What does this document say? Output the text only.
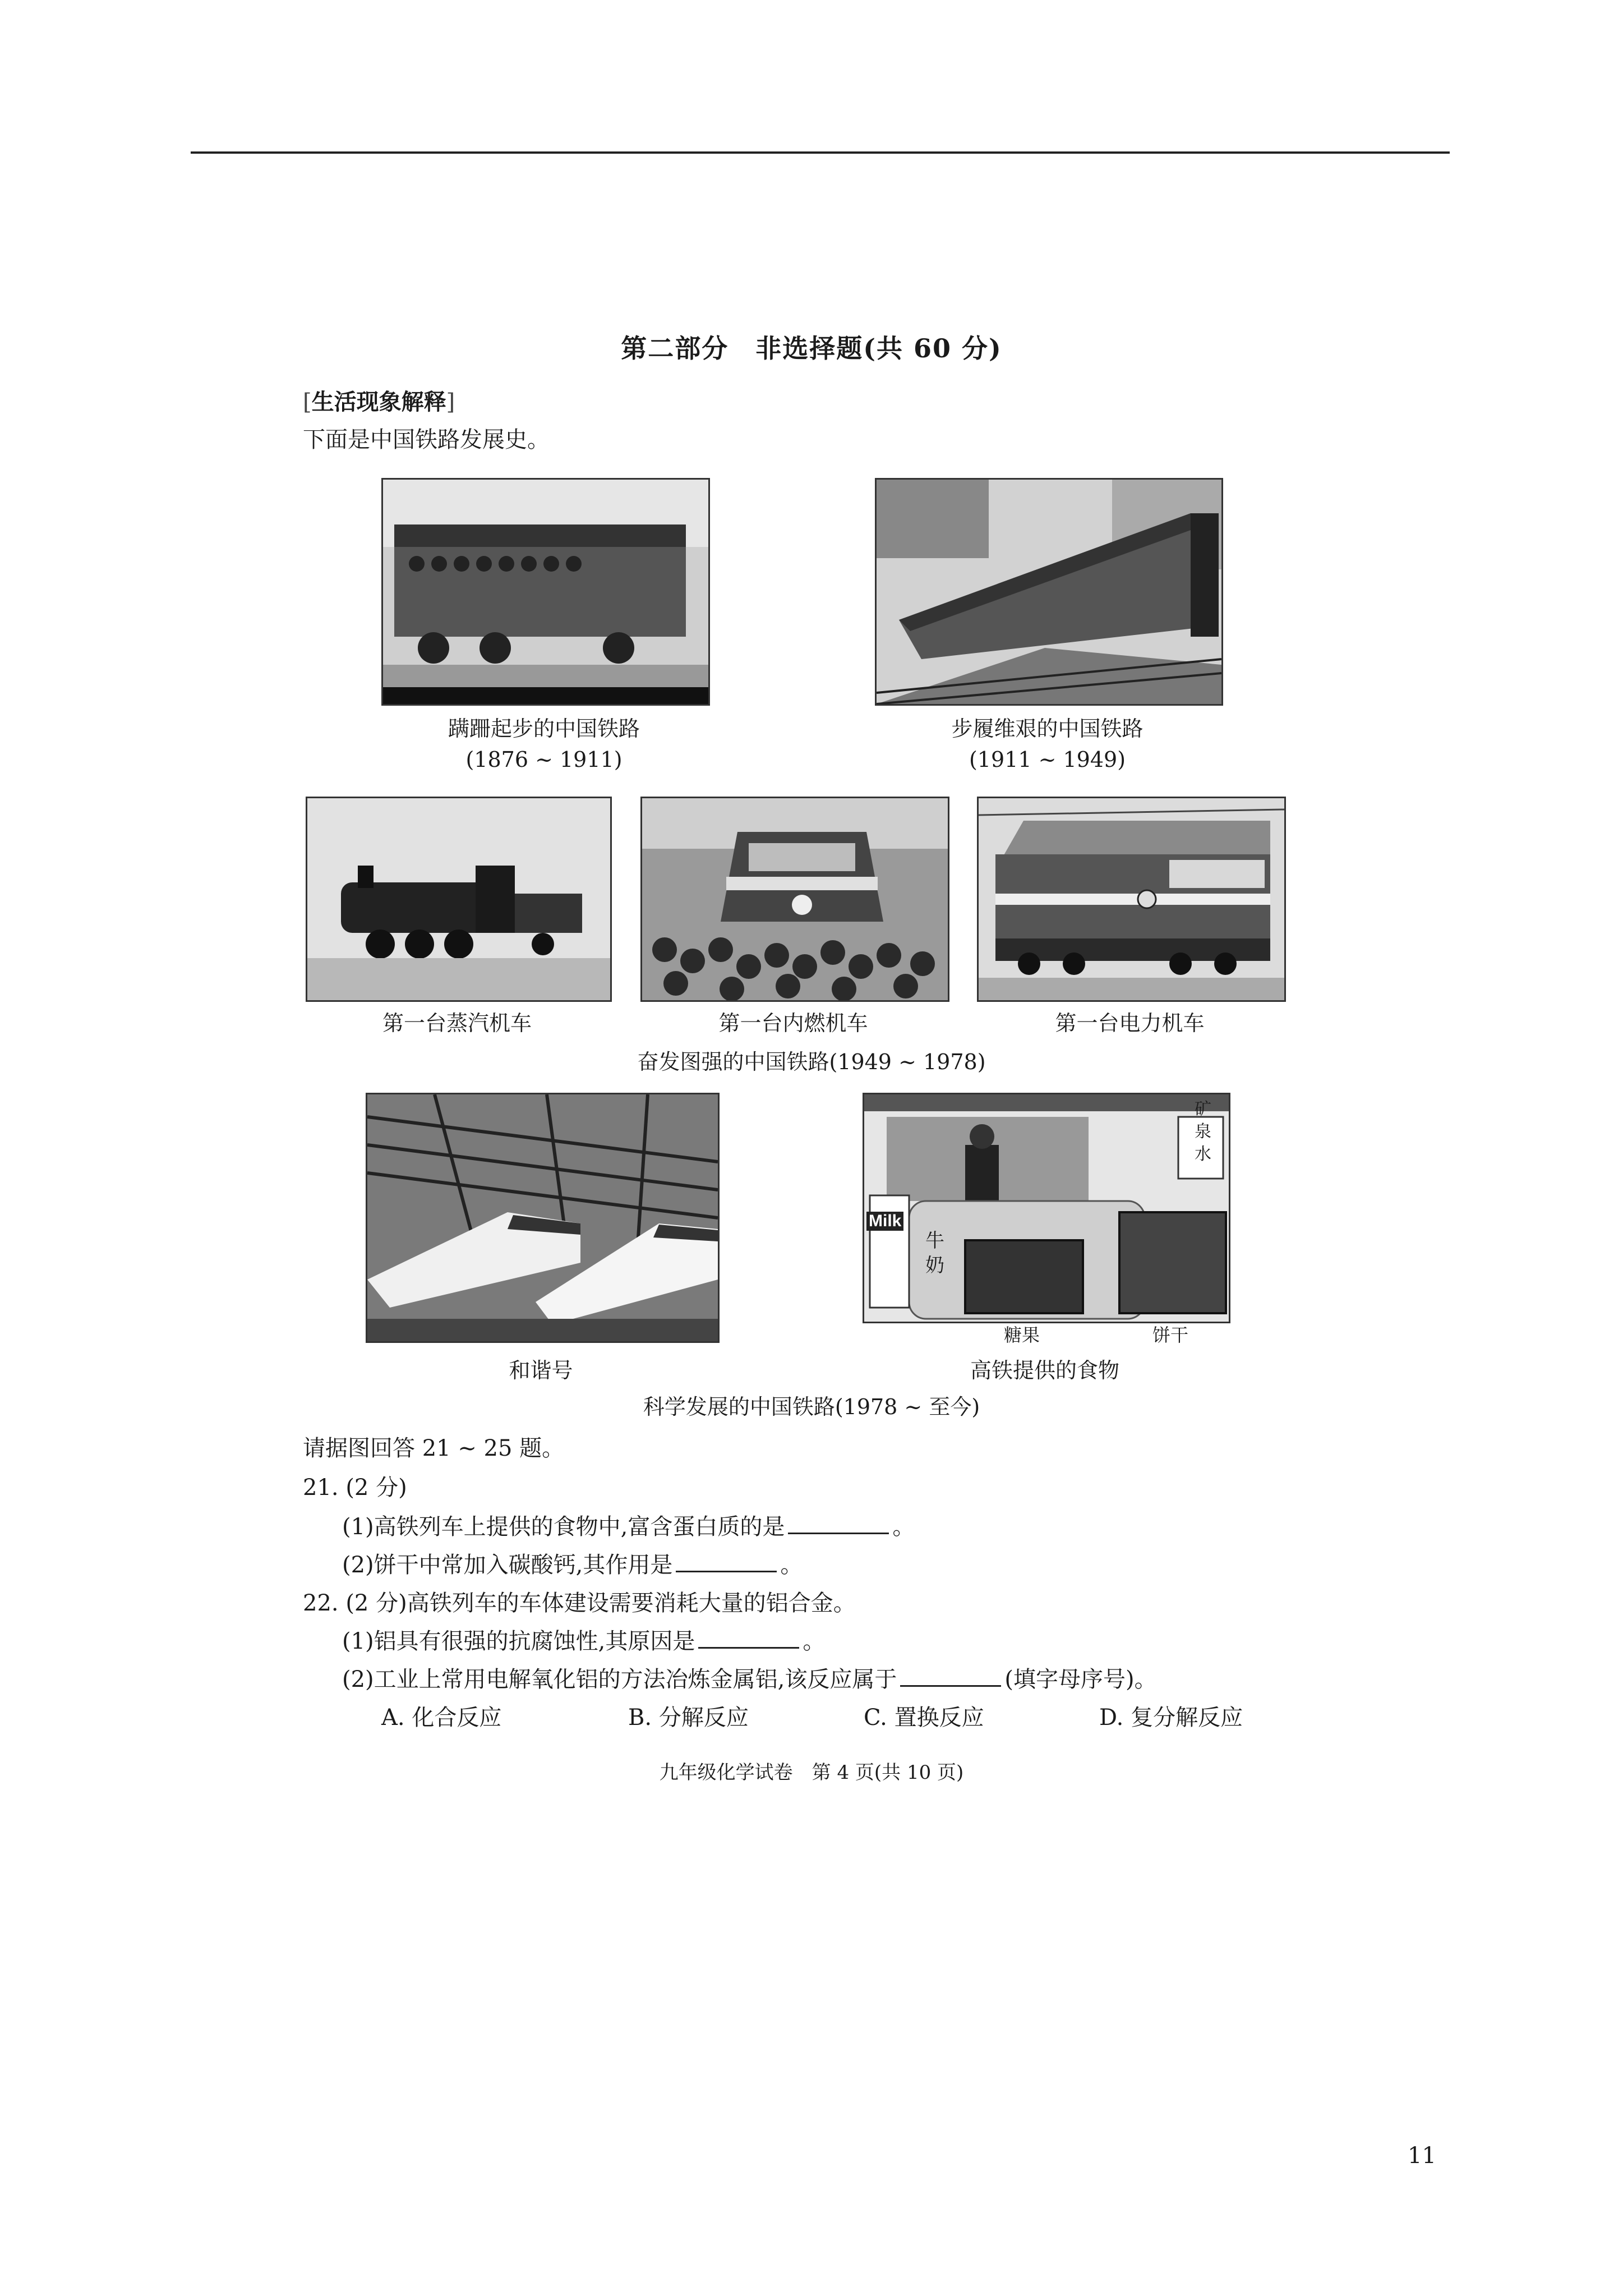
第二部分　非选择题(共 60 分)
[生活现象解释]
下面是中国铁路发展史。
蹒跚起步的中国铁路
(1876 ~ 1911)
步履维艰的中国铁路
(1911 ~ 1949)
第一台蒸汽机车	第一台内燃机车	第一台电力机车
奋发图强的中国铁路(1949 ~ 1978)
和谐号
Milk
牛奶
矿泉水
糖果	饼干
高铁提供的食物
科学发展的中国铁路(1978 ~ 至今)
请据图回答 21 ~ 25 题。
21. (2 分)
(1)高铁列车上提供的食物中,富含蛋白质的是	。
(2)饼干中常加入碳酸钙,其作用是	。
22. (2 分)高铁列车的车体建设需要消耗大量的铝合金。
(1)铝具有很强的抗腐蚀性,其原因是	。
(2)工业上常用电解氧化铝的方法冶炼金属铝,该反应属于	(填字母序号)。
A. 化合反应	B. 分解反应	C. 置换反应	D. 复分解反应
九年级化学试卷　第 4 页(共 10 页)
11
